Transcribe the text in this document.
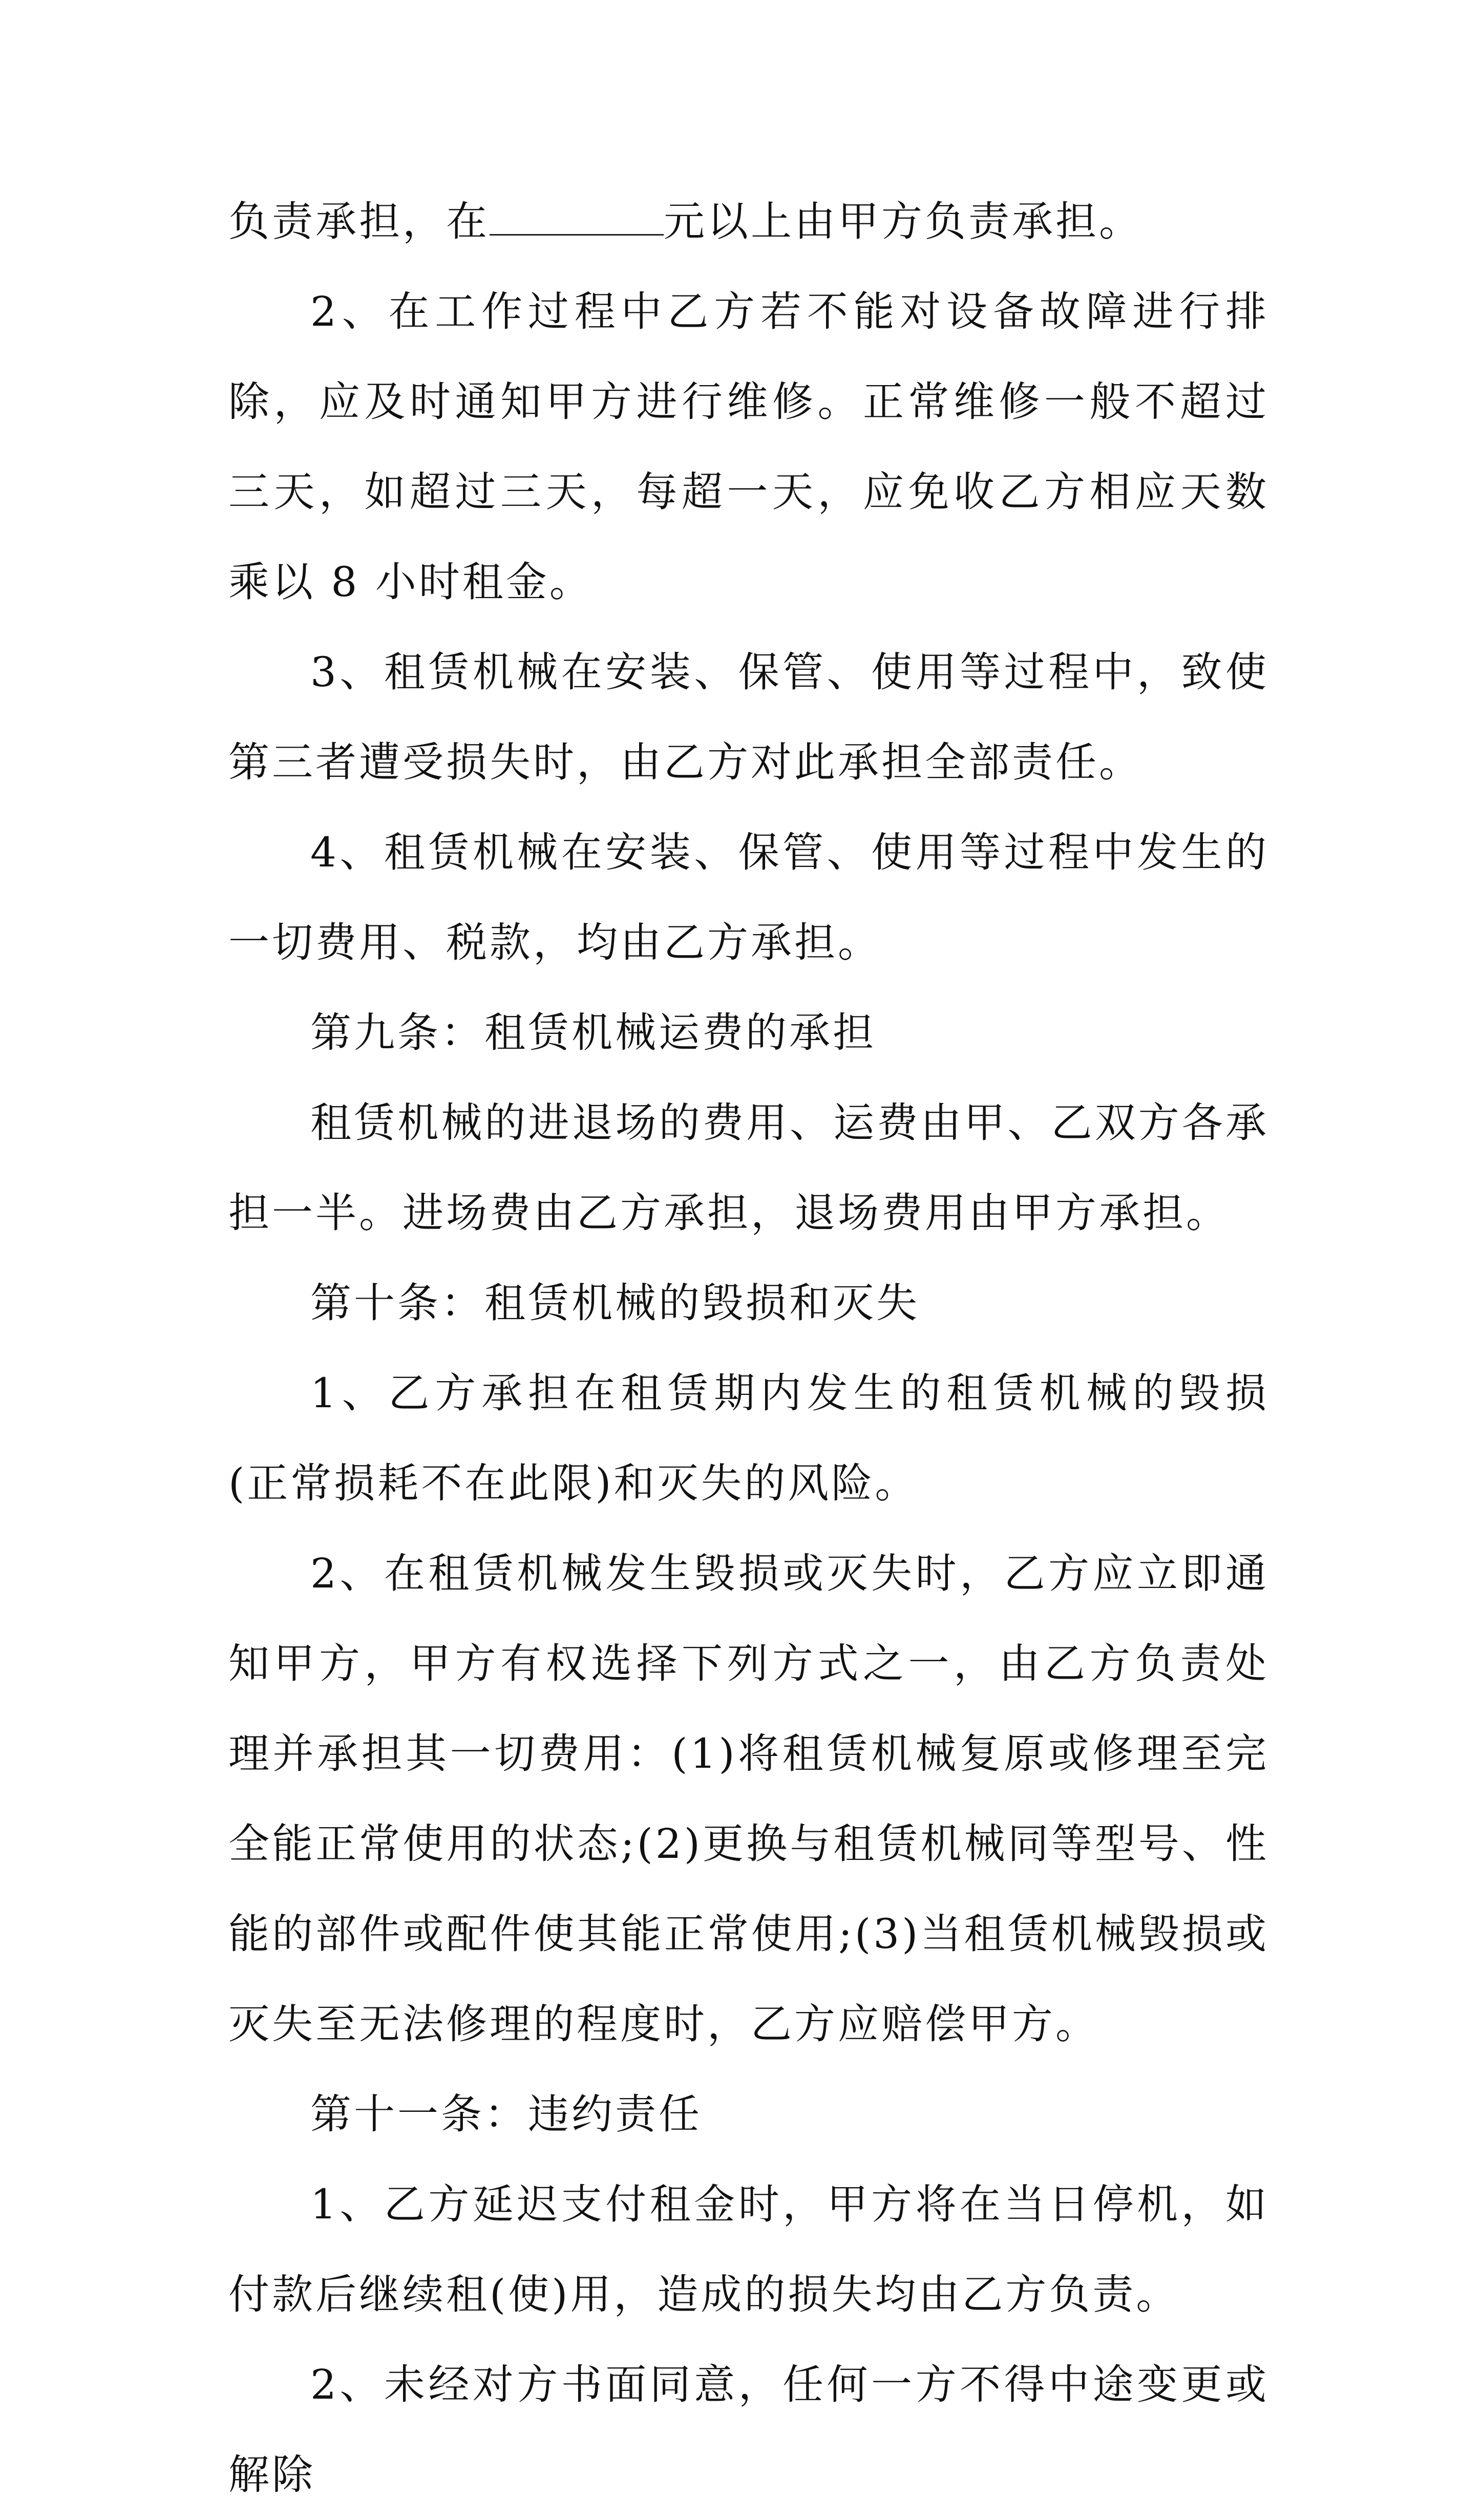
负责承担，在	元以上由甲方负责承担。

2、在工作过程中乙方若不能对设备故障进行排除，应及时通知甲方进行维修。正常维修一般不超过三天，如超过三天，每超一天，应免收乙方相应天数乘以 8 小时租金。

3、租赁机械在安装、保管、使用等过程中，致使第三者遭受损失时，由乙方对此承担全部责任。

4、租赁机械在安装、保管、使用等过程中发生的一切费用、税款，均由乙方承担。

第九条：租赁机械运费的承担

租赁机械的进退场的费用、运费由甲、乙双方各承担一半。进场费由乙方承担，退场费用由甲方承担。

第十条：租赁机械的毁损和灭失

1、乙方承担在租赁期内发生的租赁机械的毁损(正常损耗不在此限)和灭失的风险。

2、在租赁机械发生毁损或灭失时，乙方应立即通知甲方，甲方有权选择下列方式之一，由乙方负责处理并承担其一切费用：(1)将租赁机械复原或修理至完全能正常使用的状态;(2)更换与租赁机械同等型号、性能的部件或配件使其能正常使用;(3)当租赁机械毁损或灭失至无法修理的程度时，乙方应赔偿甲方。

第十一条：违约责任

1、乙方延迟支付租金时，甲方将在当日停机，如付款后继续租(使)用，造成的损失均由乙方负责。

2、未经对方书面同意，任何一方不得中途变更或解除
